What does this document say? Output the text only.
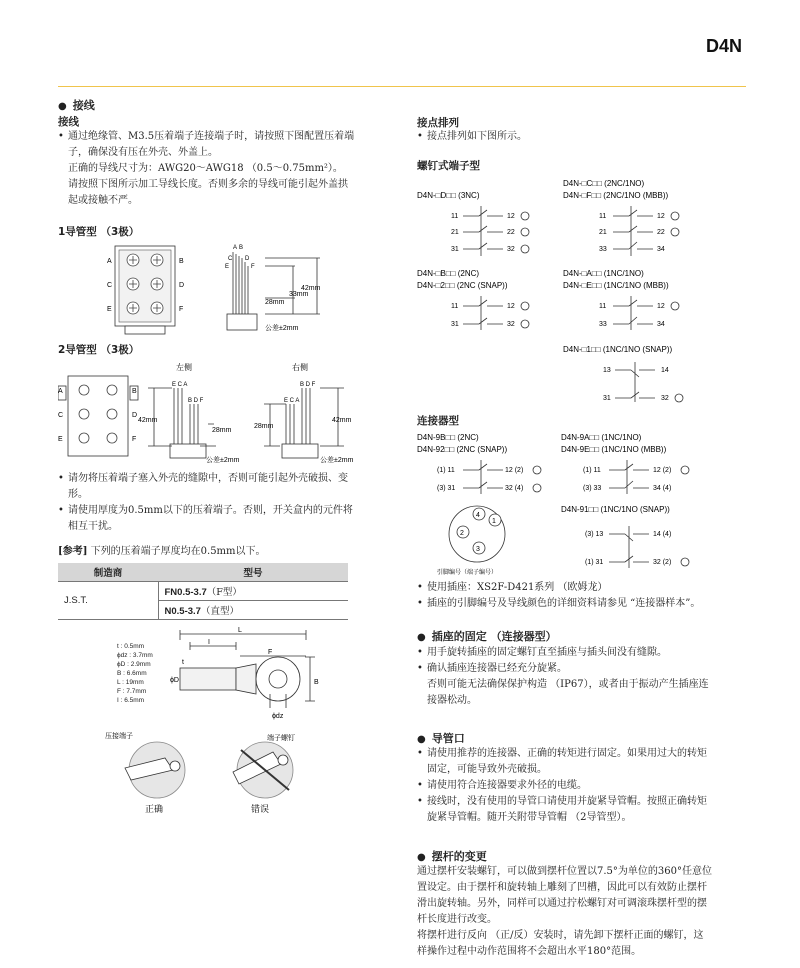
D4N
● 接线
接线
• 通过绝缘管、M3.5压着端子连接端子时，请按照下图配置压着端
子，确保没有压在外壳、外盖上。
正确的导线尺寸为：AWG20～AWG18 （0.5～0.75mm²）。
请按照下图所示加工导线长度。否则多余的导线可能引起外盖拱
起或接触不严。
1导管型 （3极）
A
C
E
B
D
F
A B
C D
E	F
42mm
33mm
28mm
公差±2mm
2导管型 （3极）
A
C
E
B
D
F
左侧
E C A
B D F
42mm
28mm
公差±2mm
右侧
B D F
E C A
28mm
42mm
公差±2mm
• 请勿将压着端子塞入外壳的缝隙中，否则可能引起外壳破损、变
形。
• 请使用厚度为0.5mm以下的压着端子。否则，开关盒内的元件将
相互干扰。
[参考] 下列的压着端子厚度均在0.5mm以下。
制造商	型号
J.S.T.	FN0.5-3.7（F型）
	N0.5-3.7（直型）
t : 0.5mm
ϕdz : 3.7mm
ϕD : 2.9mm
B : 6.6mm
L : 19mm
F : 7.7mm
I : 6.5mm
L
I
F
B
ϕD
t
ϕdz
压接端子	端子螺钉
正确	错误
接点排列
• 接点排列如下图所示。
螺钉式端子型
D4N-□D□□ (3NC)
11	12
21	22
31	32
D4N-□C□□ (2NC/1NO)
D4N-□F□□ (2NC/1NO (MBB))
11	12
21	22
33	34
D4N-□B□□ (2NC)
D4N-□2□□ (2NC (SNAP))
11	12
31	32
D4N-□A□□ (1NC/1NO)
D4N-□E□□ (1NC/1NO (MBB))
11	12
33	34
D4N-□1□□ (1NC/1NO (SNAP))
13	14
31	32
连接器型
D4N-9B□□ (2NC)
D4N-92□□ (2NC (SNAP))
(1) 11	12 (2)
(3) 31	32 (4)
D4N-9A□□ (1NC/1NO)
D4N-9E□□ (1NC/1NO (MBB))
(1) 11	12 (2)
(3) 33	34 (4)
4
2
3
1
引脚编号（端子编号）
D4N-91□□ (1NC/1NO (SNAP))
(3) 13	14 (4)
(1) 31	32 (2)
• 使用插座：XS2F-D421系列 （欧姆龙）
• 插座的引脚编号及导线颜色的详细资料请参见 “连接器样本”。
● 插座的固定 （连接器型）
• 用手旋转插座的固定螺钉直至插座与插头间没有缝隙。
• 确认插座连接器已经充分旋紧。
否则可能无法确保保护构造 （IP67），或者由于振动产生插座连
接器松动。
● 导管口
• 请使用推荐的连接器、正确的转矩进行固定。如果用过大的转矩
固定，可能导致外壳破损。
• 请使用符合连接器要求外径的电缆。
• 接线时，没有使用的导管口请使用并旋紧导管帽。按照正确转矩
旋紧导管帽。随开关附带导管帽 （2导管型）。
● 摆杆的变更
通过摆杆安装螺钉，可以做到摆杆位置以7.5°为单位的360°任意位
置设定。由于摆杆和旋转轴上雕刻了凹槽，因此可以有效防止摆杆
滑出旋转轴。另外，同样可以通过拧松螺钉对可调滚珠摆杆型的摆
杆长度进行改变。
将摆杆进行反向 （正/反）安装时，请先卸下摆杆正面的螺钉，这
样操作过程中动作范围将不会超出水平180°范围。
